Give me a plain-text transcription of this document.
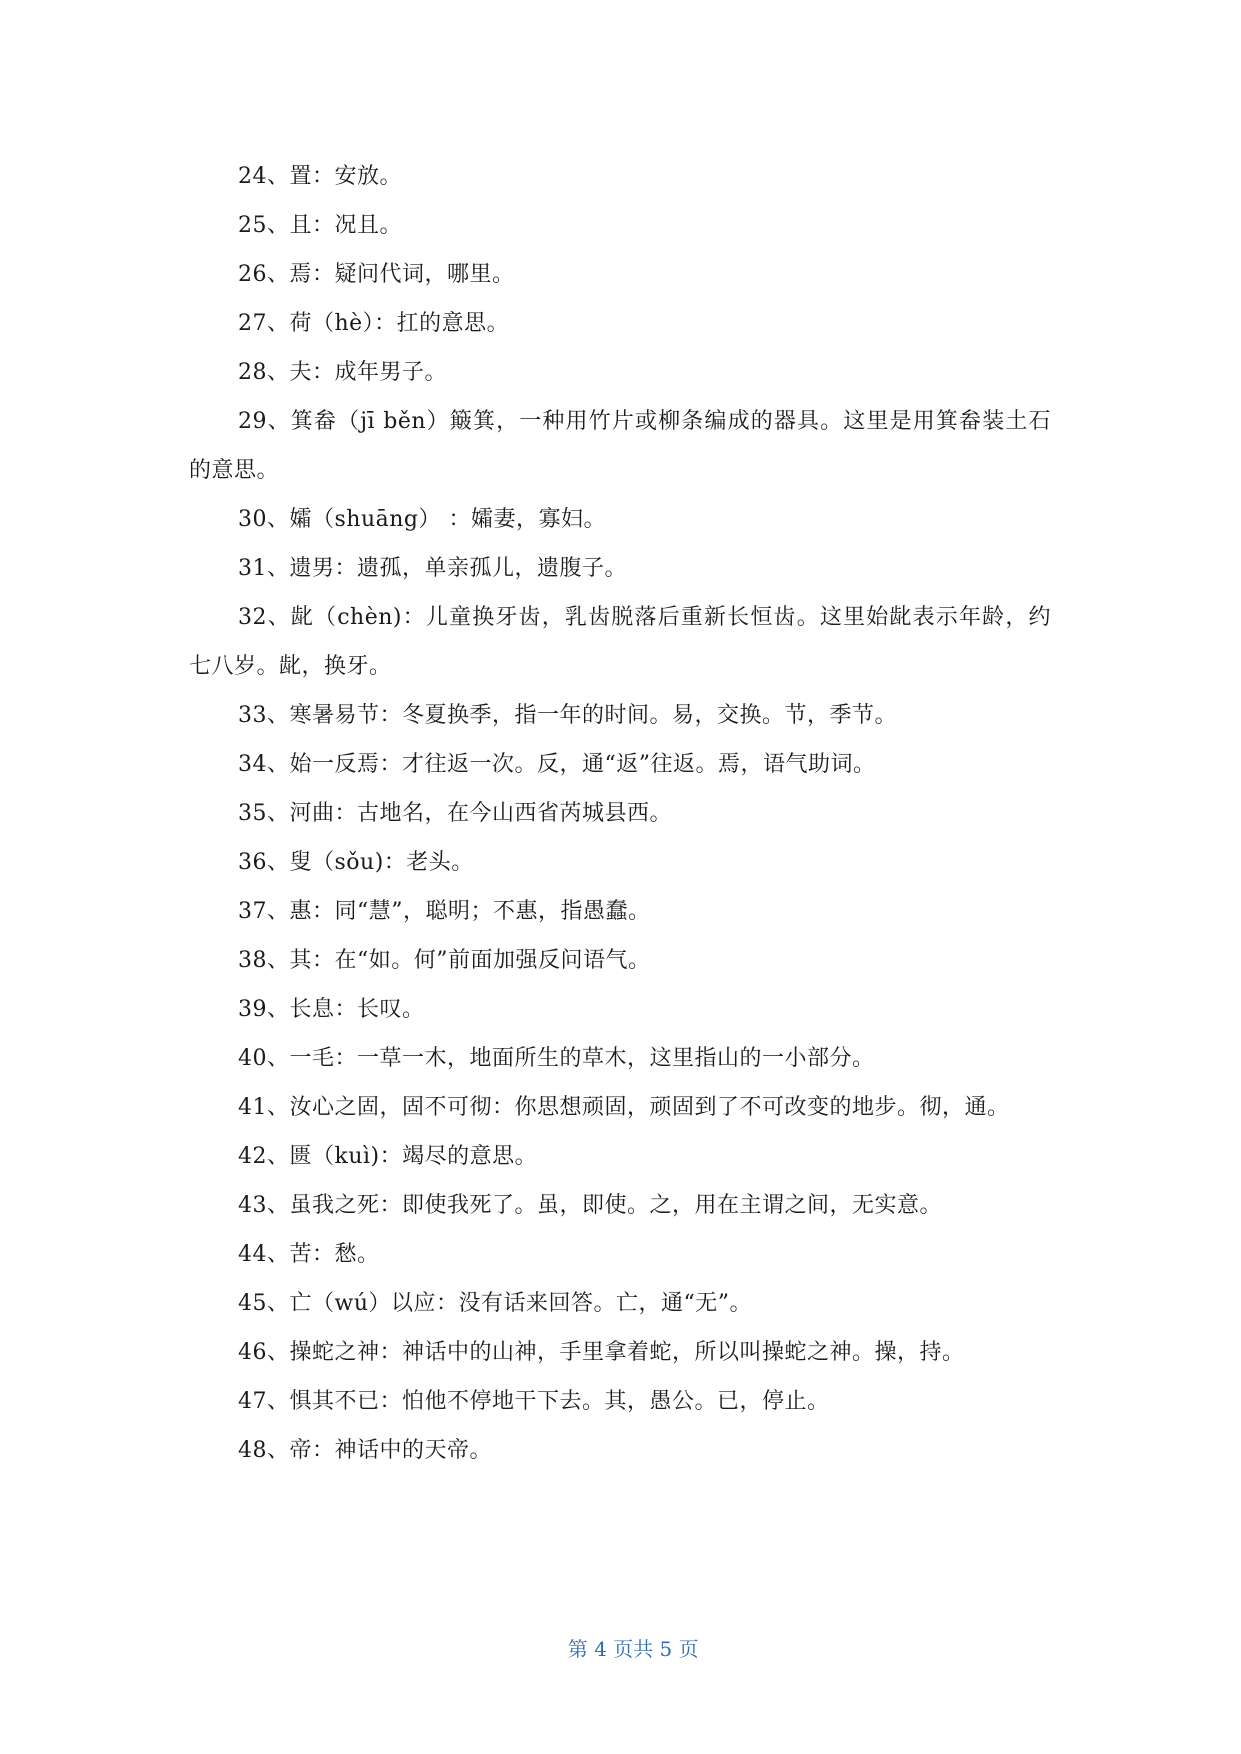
24、置：安放。

25、且：况且。

26、焉：疑问代词，哪里。

27、荷（hè）：扛的意思。

28、夫：成年男子。

29、箕畚（jī běn）簸箕，一种用竹片或柳条编成的器具。这里是用箕畚装土石的意思。

30、孀（shuāng） ：孀妻，寡妇。

31、遗男：遗孤，单亲孤儿，遗腹子。

32、龀（chèn)：儿童换牙齿，乳齿脱落后重新长恒齿。这里始龀表示年龄，约七八岁。龀，换牙。

33、寒暑易节：冬夏换季，指一年的时间。易，交换。节，季节。

34、始一反焉：才往返一次。反，通“返”往返。焉，语气助词。

35、河曲：古地名，在今山西省芮城县西。

36、叟（sǒu)：老头。

37、惠：同“慧”，聪明；不惠，指愚蠢。

38、其：在“如。何”前面加强反问语气。

39、长息：长叹。

40、一毛：一草一木，地面所生的草木，这里指山的一小部分。

41、汝心之固，固不可彻：你思想顽固，顽固到了不可改变的地步。彻，通。

42、匮（kuì)：竭尽的意思。

43、虽我之死：即使我死了。虽，即使。之，用在主谓之间，无实意。

44、苦：愁。

45、亡（wú）以应：没有话来回答。亡，通“无”。

46、操蛇之神：神话中的山神，手里拿着蛇，所以叫操蛇之神。操，持。

47、惧其不已：怕他不停地干下去。其，愚公。已，停止。

48、帝：神话中的天帝。

第 4 页共 5 页
